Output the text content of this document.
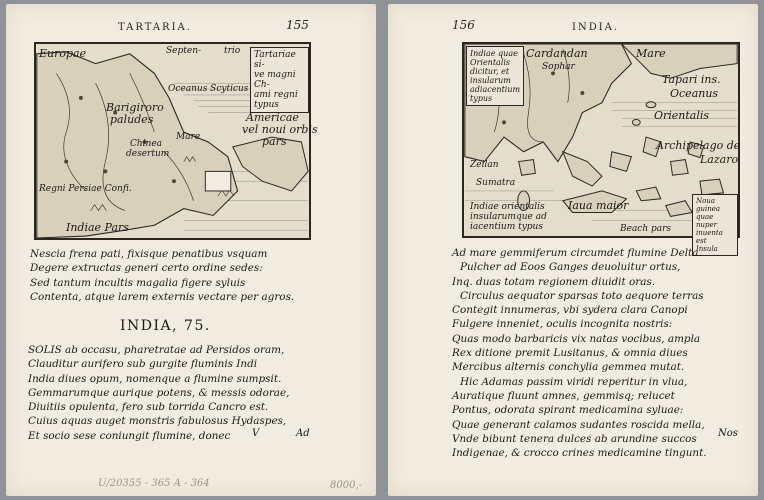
TARTARIA.	155
Tartariae si-
ve magni Ch-
ami regni typus
Europae	Septen-	trio
Barigiroro
paludes
Oceanus Scyticus
Americae
vel noui orbis
pars
Chinea
desertum
Regni Persiae Confi.
Indiae Pars
Mare
Nescia frena pati, fixisque penatibus vsquam
Degere extructas generi certo ordine sedes:
Sed tantum incultis magalia figere syluis
Contenta, atque larem externis vectare per agros.
INDIA, 75.
SOLIS ab occasu, pharetratae ad Persidos oram,
Clauditur aurifero sub gurgite fluminis Indi
India diues opum, nomenque a flumine sumpsit.
Gemmarumque aurique potens, & messis odorae,
Diuitiis opulenta, fero sub torrida Cancro est.
Cuius aquas auget monstris fabulosus Hydaspes,
Et socio sese coniungit flumine, donec	V	Ad
U/20355 - 365 A - 364
156	INDIA.
Indiae quae
Orientalis
dicitur, et
insularum
adiacentium
typus
Noua guinea
quae nuper
inuenta est
Insula
Cardandan
Sophar
Mare
Tapari ins.
Oceanus
Orientalis
Archipelago de
Lazaro
Zeilan
Sumatra
Iaua maior
Beach pars
Indiae orientalis
insularumque ad
iacentium typus
Ad mare gemmiferum circumdet flumine Delta.
Pulcher ad Eoos Ganges deuoluitur ortus,
Inq. duas totam regionem diuidit oras.
Circulus aequator sparsas toto aequore terras
Contegit innumeras, vbi sydera clara Canopi
Fulgere inneniet, oculis incognita nostris:
Quas modo barbaricis vix natas vocibus, ampla
Rex ditione premit Lusitanus, & omnia diues
Mercibus alternis conchylia gemmea mutat.
Hic Adamas passim viridi reperitur in vlua,
Auratique fluunt amnes, gemmisq; relucet
Pontus, odorata spirant medicamina syluae:
Quae generant calamos sudantes roscida mella,
Vnde bibunt tenera dulces ab arundine succos
Indigenae, & crocco crines medicamine tingunt.
Nos
8000,-
